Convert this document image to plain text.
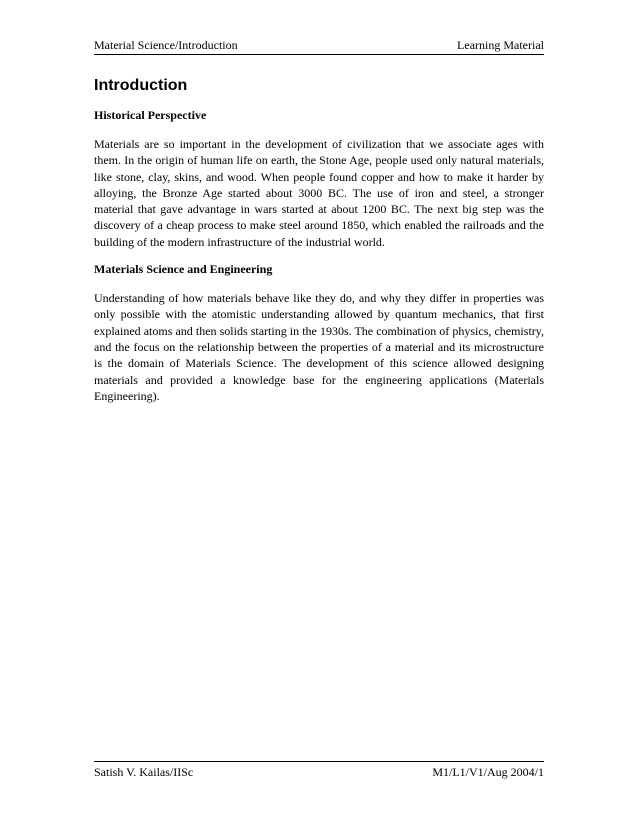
Material Science/Introduction	Learning Material
Introduction
Historical Perspective

Materials are so important in the development of civilization that we associate ages with them. In the origin of human life on earth, the Stone Age, people used only natural materials, like stone, clay, skins, and wood. When people found copper and how to make it harder by alloying, the Bronze Age started about 3000 BC. The use of iron and steel, a stronger material that gave advantage in wars started at about 1200 BC. The next big step was the discovery of a cheap process to make steel around 1850, which enabled the railroads and the building of the modern infrastructure of the industrial world.

Materials Science and Engineering

Understanding of how materials behave like they do, and why they differ in properties was only possible with the atomistic understanding allowed by quantum mechanics, that first explained atoms and then solids starting in the 1930s. The combination of physics, chemistry, and the focus on the relationship between the properties of a material and its microstructure is the domain of Materials Science. The development of this science allowed designing materials and provided a knowledge base for the engineering applications (Materials Engineering).

Satish V. Kailas/IISc	M1/L1/V1/Aug 2004/1
